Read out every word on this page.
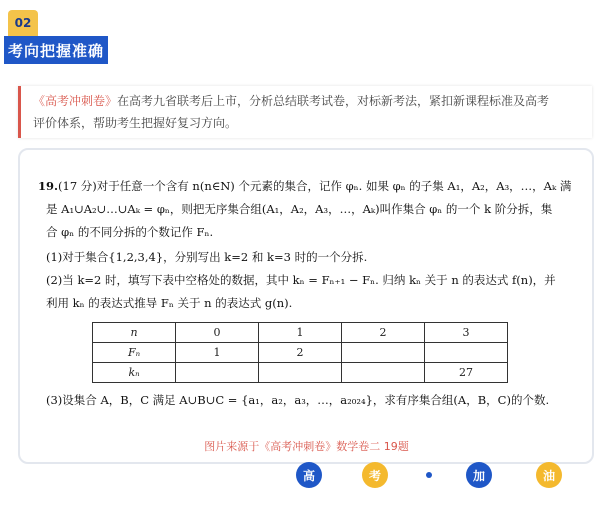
02
考向把握准确
《高考冲刺卷》在高考九省联考后上市，分析总结联考试卷，对标新考法，紧扣新课程标准及高考
评价体系，帮助考生把握好复习方向。
19.(17 分)对于任意一个含有 n(n∈N) 个元素的集合，记作 φₙ. 如果 φₙ 的子集 A₁，A₂，A₃，…，Aₖ 满
是 A₁∪A₂∪…∪Aₖ = φₙ，则把无序集合组(A₁，A₂，A₃，…，Aₖ)叫作集合 φₙ 的一个 k 阶分拆，集
合 φₙ 的不同分拆的个数记作 Fₙ.
(1)对于集合{1,2,3,4}，分别写出 k=2 和 k=3 时的一个分拆.
(2)当 k=2 时，填写下表中空格处的数据，其中 kₙ = Fₙ₊₁ − Fₙ. 归纳 kₙ 关于 n 的表达式 f(n)，并
利用 kₙ 的表达式推导 Fₙ 关于 n 的表达式 g(n).
n	0	1	2	3
Fₙ	1	2		
kₙ				27
(3)设集合 A，B，C 满足 A∪B∪C = {a₁，a₂，a₃，…，a₂₀₂₄}，求有序集合组(A，B，C)的个数.
图片来源于《高考冲刺卷》数学卷二 19题
高	考	加	油
